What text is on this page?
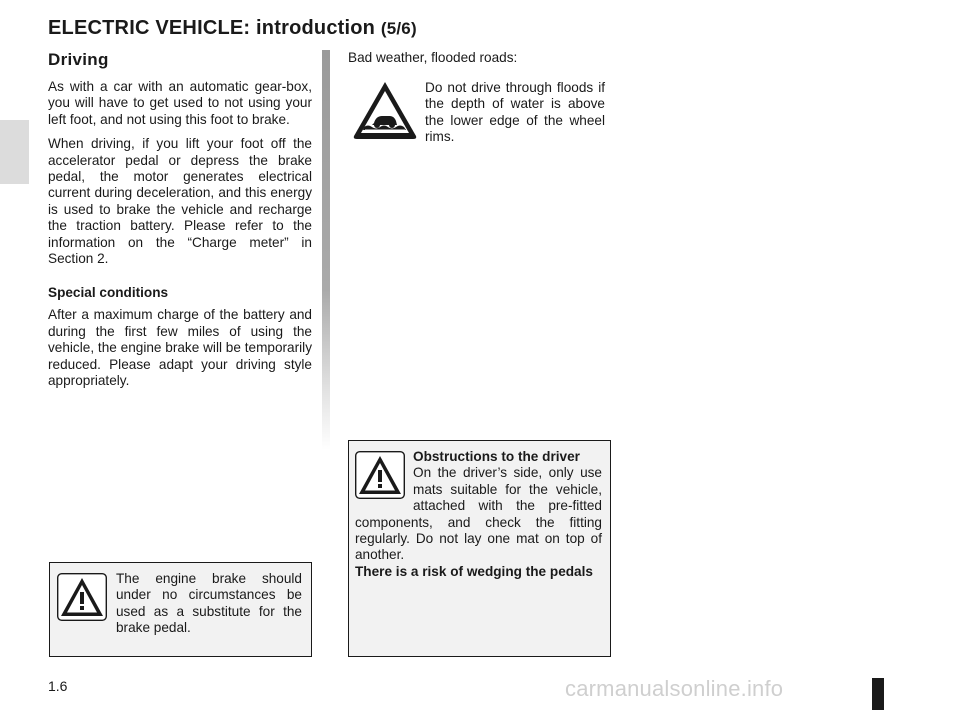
ELECTRIC VEHICLE: introduction (5/6)
Driving

As with a car with an automatic gear-box, you will have to get used to not using your left foot, and not using this foot to brake.

When driving, if you lift your foot off the accelerator pedal or depress the brake pedal, the motor generates electrical current during deceleration, and this energy is used to brake the vehicle and recharge the traction battery. Please refer to the information on the “Charge meter” in Section 2.

Special conditions

After a maximum charge of the battery and during the first few miles of using the vehicle, the engine brake will be temporarily reduced. Please adapt your driving style appropriately.

Bad weather, flooded roads:

Do not drive through floods if the depth of water is above the lower edge of the wheel rims.

Obstructions to the driver

On the driver’s side, only use mats suitable for the vehicle, attached with the pre-fitted components, and check the fitting regularly. Do not lay one mat on top of another.

There is a risk of wedging the pedals

The engine brake should under no circumstances be used as a substitute for the brake pedal.

1.6	carmanualsonline.info
